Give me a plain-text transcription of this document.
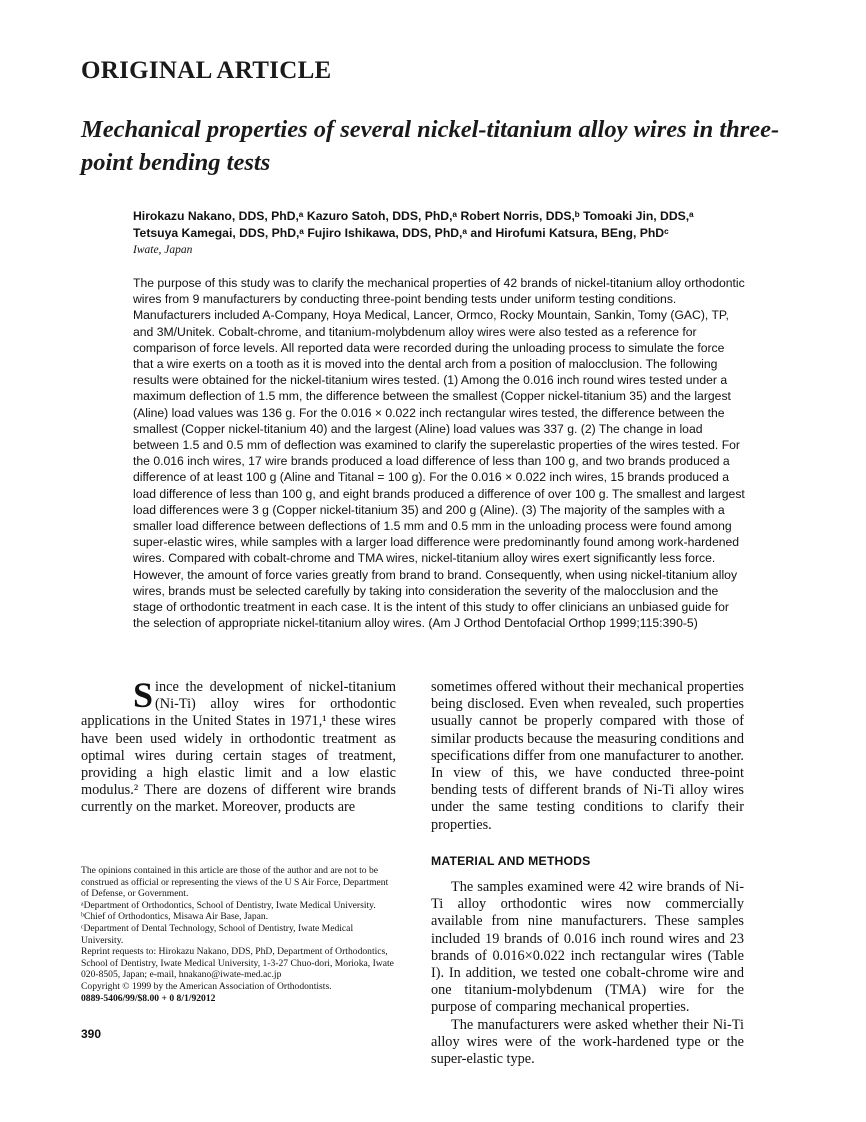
ORIGINAL ARTICLE
Mechanical properties of several nickel-titanium alloy wires in three-point bending tests
Hirokazu Nakano, DDS, PhD,ᵃ Kazuro Satoh, DDS, PhD,ᵃ Robert Norris, DDS,ᵇ Tomoaki Jin, DDS,ᵃ
Tetsuya Kamegai, DDS, PhD,ᵃ Fujiro Ishikawa, DDS, PhD,ᵃ and Hirofumi Katsura, BEng, PhDᶜ
Iwate, Japan

The purpose of this study was to clarify the mechanical properties of 42 brands of nickel-titanium alloy orthodontic wires from 9 manufacturers by conducting three-point bending tests under uniform testing conditions. Manufacturers included A-Company, Hoya Medical, Lancer, Ormco, Rocky Mountain, Sankin, Tomy (GAC), TP, and 3M/Unitek. Cobalt-chrome, and titanium-molybdenum alloy wires were also tested as a reference for comparison of force levels. All reported data were recorded during the unloading process to simulate the force that a wire exerts on a tooth as it is moved into the dental arch from a position of malocclusion. The following results were obtained for the nickel-titanium wires tested. (1) Among the 0.016 inch round wires tested under a maximum deflection of 1.5 mm, the difference between the smallest (Copper nickel-titanium 35) and the largest (Aline) load values was 136 g. For the 0.016 × 0.022 inch rectangular wires tested, the difference between the smallest (Copper nickel-titanium 40) and the largest (Aline) load values was 337 g. (2) The change in load between 1.5 and 0.5 mm of deflection was examined to clarify the superelastic properties of the wires tested. For the 0.016 inch wires, 17 wire brands produced a load difference of less than 100 g, and two brands produced a difference of at least 100 g (Aline and Titanal = 100 g). For the 0.016 × 0.022 inch wires, 15 brands produced a load difference of less than 100 g, and eight brands produced a difference of over 100 g. The smallest and largest load differences were 3 g (Copper nickel-titanium 35) and 200 g (Aline). (3) The majority of the samples with a smaller load difference between deflections of 1.5 mm and 0.5 mm in the unloading process were found among super-elastic wires, while samples with a larger load difference were predominantly found among work-hardened wires. Compared with cobalt-chrome and TMA wires, nickel-titanium alloy wires exert significantly less force. However, the amount of force varies greatly from brand to brand. Consequently, when using nickel-titanium alloy wires, brands must be selected carefully by taking into consideration the severity of the malocclusion and the stage of orthodontic treatment in each case. It is the intent of this study to offer clinicians an unbiased guide for the selection of appropriate nickel-titanium alloy wires. (Am J Orthod Dentofacial Orthop 1999;115:390-5)

Since the development of nickel-titanium (Ni-Ti) alloy wires for orthodontic applications in the United States in 1971,¹ these wires have been used widely in orthodontic treatment as optimal wires during certain stages of treatment, providing a high elastic limit and a low elastic modulus.² There are dozens of different wire brands currently on the market. Moreover, products are

sometimes offered without their mechanical properties being disclosed. Even when revealed, such properties usually cannot be properly compared with those of similar products because the measuring conditions and specifications differ from one manufacturer to another. In view of this, we have conducted three-point bending tests of different brands of Ni-Ti alloy wires under the same testing conditions to clarify their properties.

MATERIAL AND METHODS

The samples examined were 42 wire brands of Ni-Ti alloy orthodontic wires now commercially available from nine manufacturers. These samples included 19 brands of 0.016 inch round wires and 23 brands of 0.016×0.022 inch rectangular wires (Table I). In addition, we tested one cobalt-chrome wire and one titanium-molybdenum (TMA) wire for the purpose of comparing mechanical properties.

The manufacturers were asked whether their Ni-Ti alloy wires were of the work-hardened type or the super-elastic type.

The opinions contained in this article are those of the author and are not to be construed as official or representing the views of the U S Air Force, Department of Defense, or Government.
ᵃDepartment of Orthodontics, School of Dentistry, Iwate Medical University.
ᵇChief of Orthodontics, Misawa Air Base, Japan.
ᶜDepartment of Dental Technology, School of Dentistry, Iwate Medical University.
Reprint requests to: Hirokazu Nakano, DDS, PhD, Department of Orthodontics, School of Dentistry, Iwate Medical University, 1-3-27 Chuo-dori, Morioka, Iwate 020-8505, Japan; e-mail, hnakano@iwate-med.ac.jp
Copyright © 1999 by the American Association of Orthodontists.
0889-5406/99/$8.00 + 0 8/1/92012
390
